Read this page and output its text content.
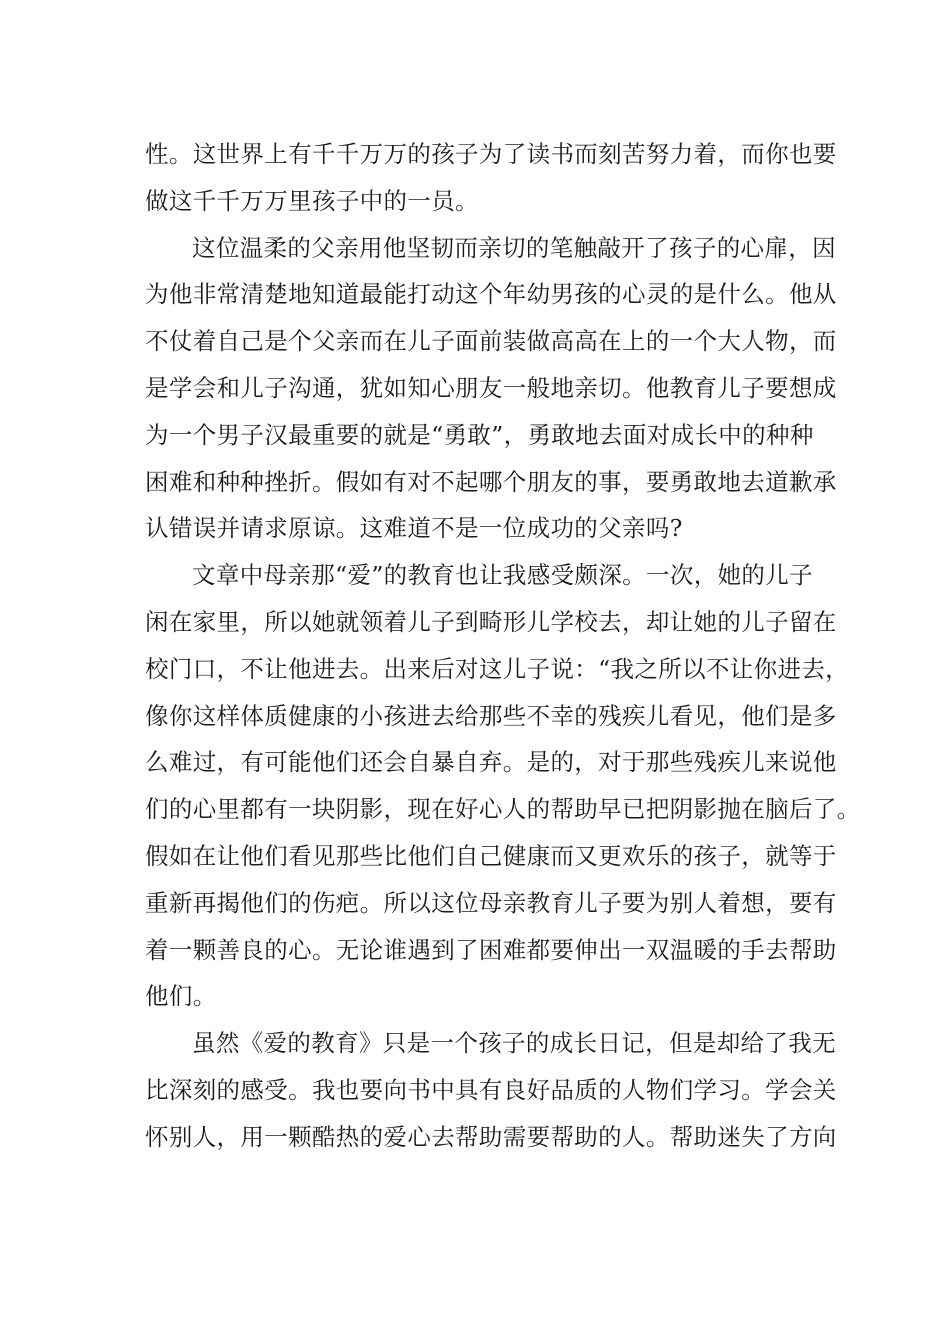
性。这世界上有千千万万的孩子为了读书而刻苦努力着，而你也要
做这千千万万里孩子中的一员。

这位温柔的父亲用他坚韧而亲切的笔触敲开了孩子的心扉，因
为他非常清楚地知道最能打动这个年幼男孩的心灵的是什么。他从
不仗着自己是个父亲而在儿子面前装做高高在上的一个大人物，而
是学会和儿子沟通，犹如知心朋友一般地亲切。他教育儿子要想成
为一个男子汉最重要的就是“勇敢”，勇敢地去面对成长中的种种
困难和种种挫折。假如有对不起哪个朋友的事，要勇敢地去道歉承
认错误并请求原谅。这难道不是一位成功的父亲吗?

文章中母亲那“爱”的教育也让我感受颇深。一次，她的儿子
闲在家里，所以她就领着儿子到畸形儿学校去，却让她的儿子留在
校门口，不让他进去。出来后对这儿子说：“我之所以不让你进去，
像你这样体质健康的小孩进去给那些不幸的残疾儿看见，他们是多
么难过，有可能他们还会自暴自弃。是的，对于那些残疾儿来说他
们的心里都有一块阴影，现在好心人的帮助早已把阴影抛在脑后了。
假如在让他们看见那些比他们自己健康而又更欢乐的孩子，就等于
重新再揭他们的伤疤。所以这位母亲教育儿子要为别人着想，要有
着一颗善良的心。无论谁遇到了困难都要伸出一双温暖的手去帮助
他们。

虽然《爱的教育》只是一个孩子的成长日记，但是却给了我无
比深刻的感受。我也要向书中具有良好品质的人物们学习。学会关
怀别人，用一颗酷热的爱心去帮助需要帮助的人。帮助迷失了方向
